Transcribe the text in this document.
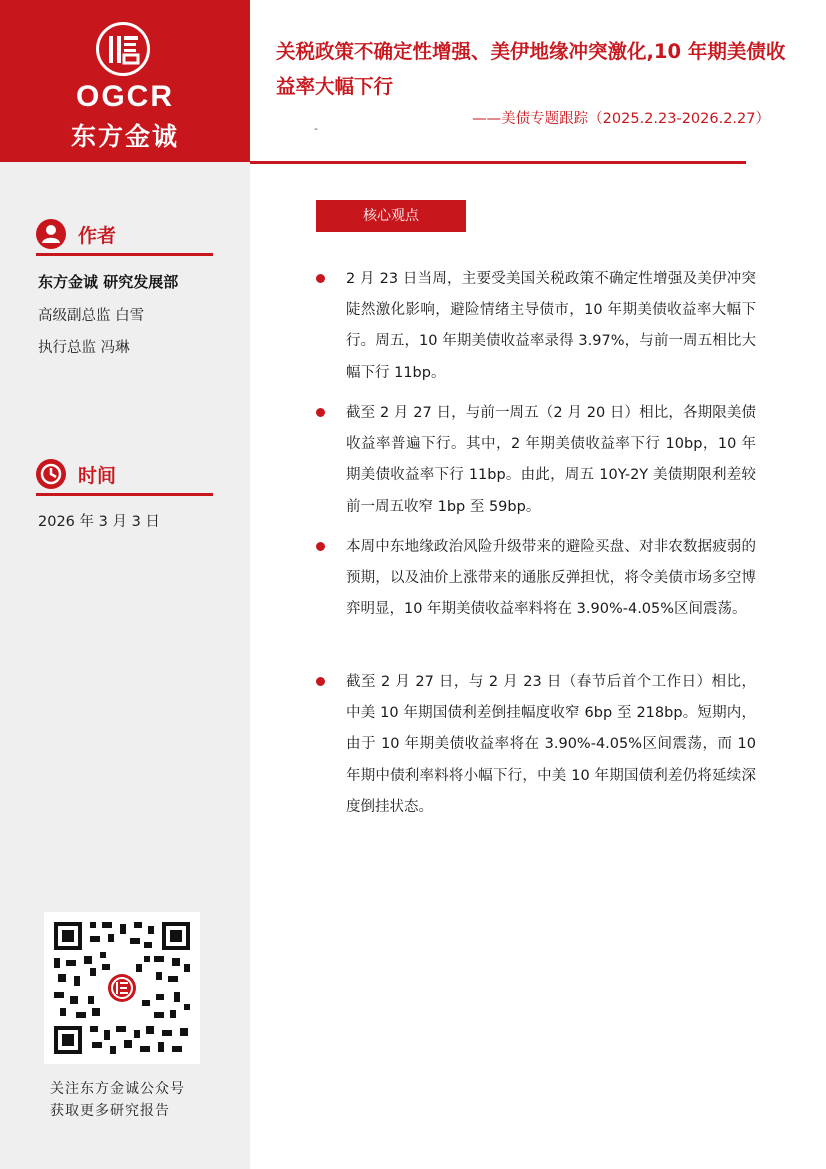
OGCR
东方金诚
作者
东方金诚 研究发展部
高级副总监 白雪
执行总监 冯琳
时间
2026 年 3 月 3 日
关注东方金诚公众号
获取更多研究报告
关税政策不确定性增强、美伊地缘冲突激化,10 年期美债收益率大幅下行
——美债专题跟踪（2025.2.23-2026.2.27）
-
核心观点
2 月 23 日当周，主要受美国关税政策不确定性增强及美伊冲突陡然激化影响，避险情绪主导债市，10 年期美债收益率大幅下行。周五，10 年期美债收益率录得 3.97%，与前一周五相比大幅下行 11bp。
截至 2 月 27 日，与前一周五（2 月 20 日）相比，各期限美债收益率普遍下行。其中，2 年期美债收益率下行 10bp，10 年期美债收益率下行 11bp。由此，周五 10Y-2Y 美债期限利差较前一周五收窄 1bp 至 59bp。
本周中东地缘政治风险升级带来的避险买盘、对非农数据疲弱的预期，以及油价上涨带来的通胀反弹担忧，将令美债市场多空博弈明显，10 年期美债收益率料将在 3.90%-4.05%区间震荡。
截至 2 月 27 日，与 2 月 23 日（春节后首个工作日）相比，中美 10 年期国债利差倒挂幅度收窄 6bp 至 218bp。短期内，由于 10 年期美债收益率将在 3.90%-4.05%区间震荡，而 10 年期中债利率料将小幅下行，中美 10 年期国债利差仍将延续深度倒挂状态。
